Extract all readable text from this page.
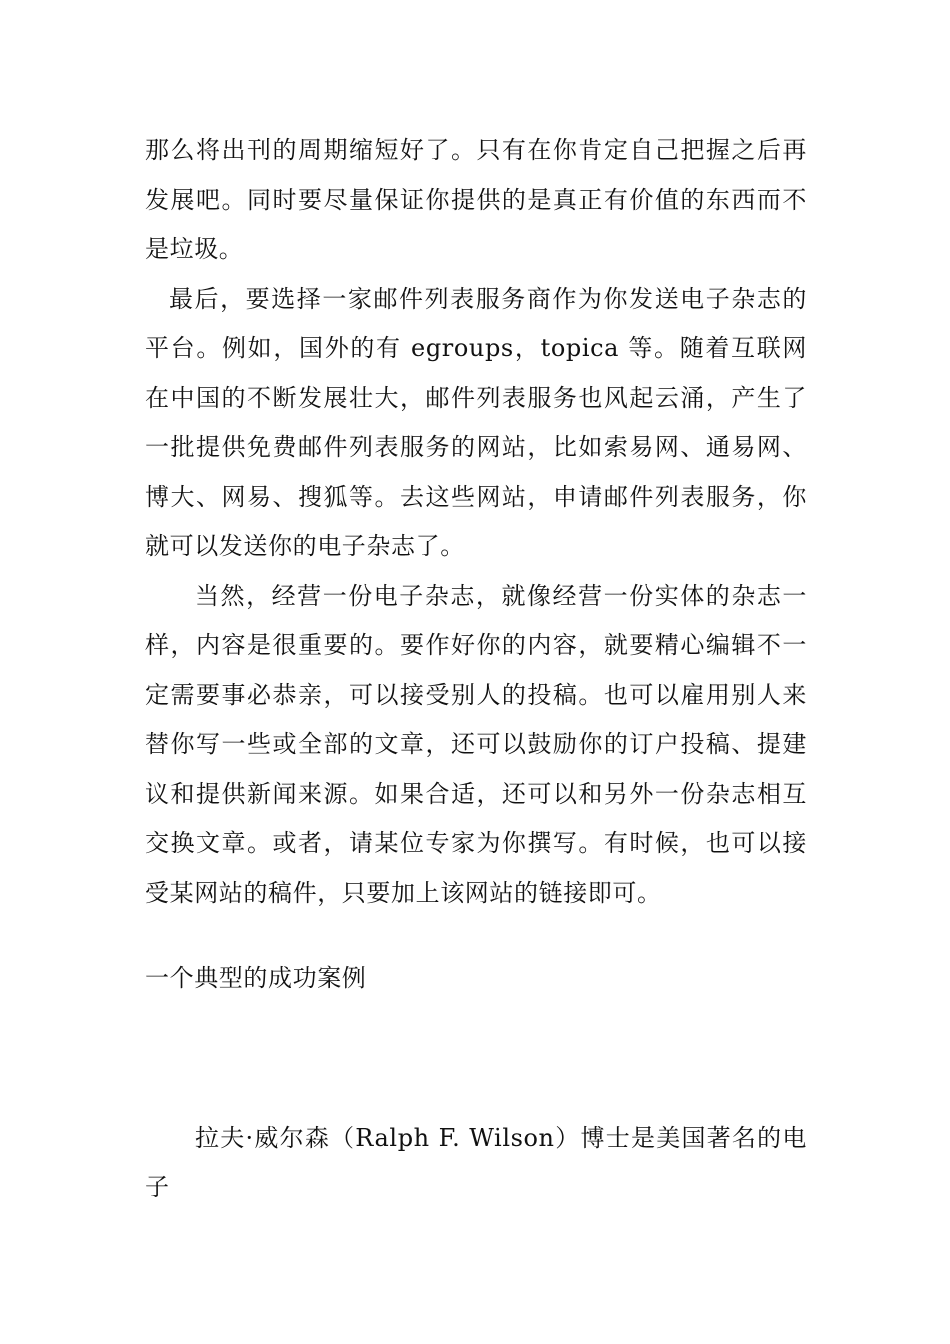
那么将出刊的周期缩短好了。只有在你肯定自己把握之后再发展吧。同时要尽量保证你提供的是真正有价值的东西而不是垃圾。

最后，要选择一家邮件列表服务商作为你发送电子杂志的平台。例如，国外的有 egroups，topica 等。随着互联网在中国的不断发展壮大，邮件列表服务也风起云涌，产生了一批提供免费邮件列表服务的网站，比如索易网、通易网、博大、网易、搜狐等。去这些网站，申请邮件列表服务，你就可以发送你的电子杂志了。

当然，经营一份电子杂志，就像经营一份实体的杂志一样，内容是很重要的。要作好你的内容，就要精心编辑不一定需要事必恭亲，可以接受别人的投稿。也可以雇用别人来替你写一些或全部的文章，还可以鼓励你的订户投稿、提建议和提供新闻来源。如果合适，还可以和另外一份杂志相互交换文章。或者，请某位专家为你撰写。有时候，也可以接受某网站的稿件，只要加上该网站的链接即可。

一个典型的成功案例

拉夫·威尔森（Ralph F. Wilson）博士是美国著名的电子
